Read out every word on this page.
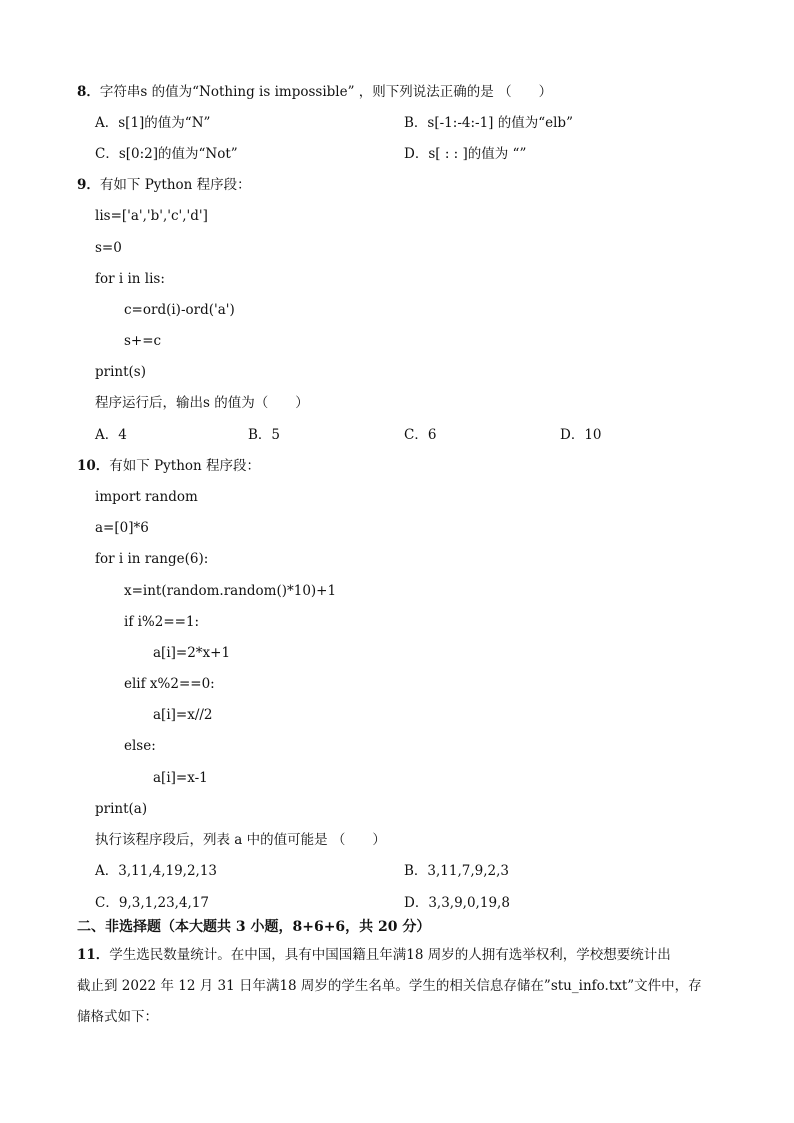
8．字符串s 的值为“Nothing is impossible” ，则下列说法正确的是 （　　）
A．s[1]的值为“N”	B．s[-1:-4:-1] 的值为“elb”
C．s[0:2]的值为“Not”	D．s[ : : ]的值为 “”
9．有如下 Python 程序段：
lis=['a','b','c','d']
s=0
for i in lis:
c=ord(i)-ord('a')
s+=c
print(s)
程序运行后，输出s 的值为（　　）
A．4	B．5	C．6	D．10
10．有如下 Python 程序段：
import random
a=[0]*6
for i in range(6):
x=int(random.random()*10)+1
if i%2==1:
a[i]=2*x+1
elif x%2==0:
a[i]=x//2
else:
a[i]=x-1
print(a)
执行该程序段后，列表 a 中的值可能是 （　　）
A．3,11,4,19,2,13	B．3,11,7,9,2,3
C．9,3,1,23,4,17	D．3,3,9,0,19,8
二、非选择题（本大题共 3 小题，8+6+6，共 20 分）
11．学生选民数量统计。在中国，具有中国国籍且年满18 周岁的人拥有选举权利，学校想要统计出
截止到 2022 年 12 月 31 日年满18 周岁的学生名单。学生的相关信息存储在”stu_info.txt”文件中，存
储格式如下：
